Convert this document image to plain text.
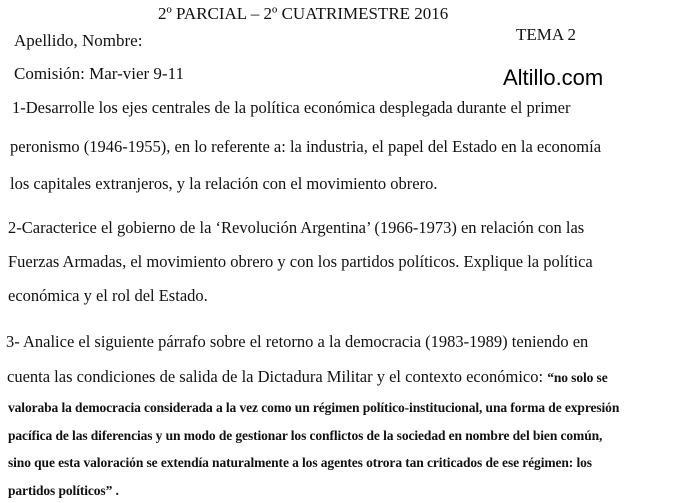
2º PARCIAL – 2º CUATRIMESTRE 2016
TEMA 2
Apellido, Nombre:
Comisión: Mar-vier 9-11	Altillo.com
1-Desarrolle los ejes centrales de la política económica desplegada durante el primer
peronismo (1946-1955), en lo referente a: la industria, el papel del Estado en la economía
los capitales extranjeros, y la relación con el movimiento obrero.
2-Caracterice el gobierno de la ‘Revolución Argentina’ (1966-1973) en relación con las
Fuerzas Armadas, el movimiento obrero y con los partidos políticos. Explique la política
económica y el rol del Estado.
3- Analice el siguiente párrafo sobre el retorno a la democracia (1983-1989) teniendo en
cuenta las condiciones de salida de la Dictadura Militar y el contexto económico: “no solo se
valoraba la democracia considerada a la vez como un régimen político-institucional, una forma de expresión
pacífica de las diferencias y un modo de gestionar los conflictos de la sociedad en nombre del bien común,
sino que esta valoración se extendía naturalmente a los agentes otrora tan criticados de ese régimen: los
partidos políticos” .
